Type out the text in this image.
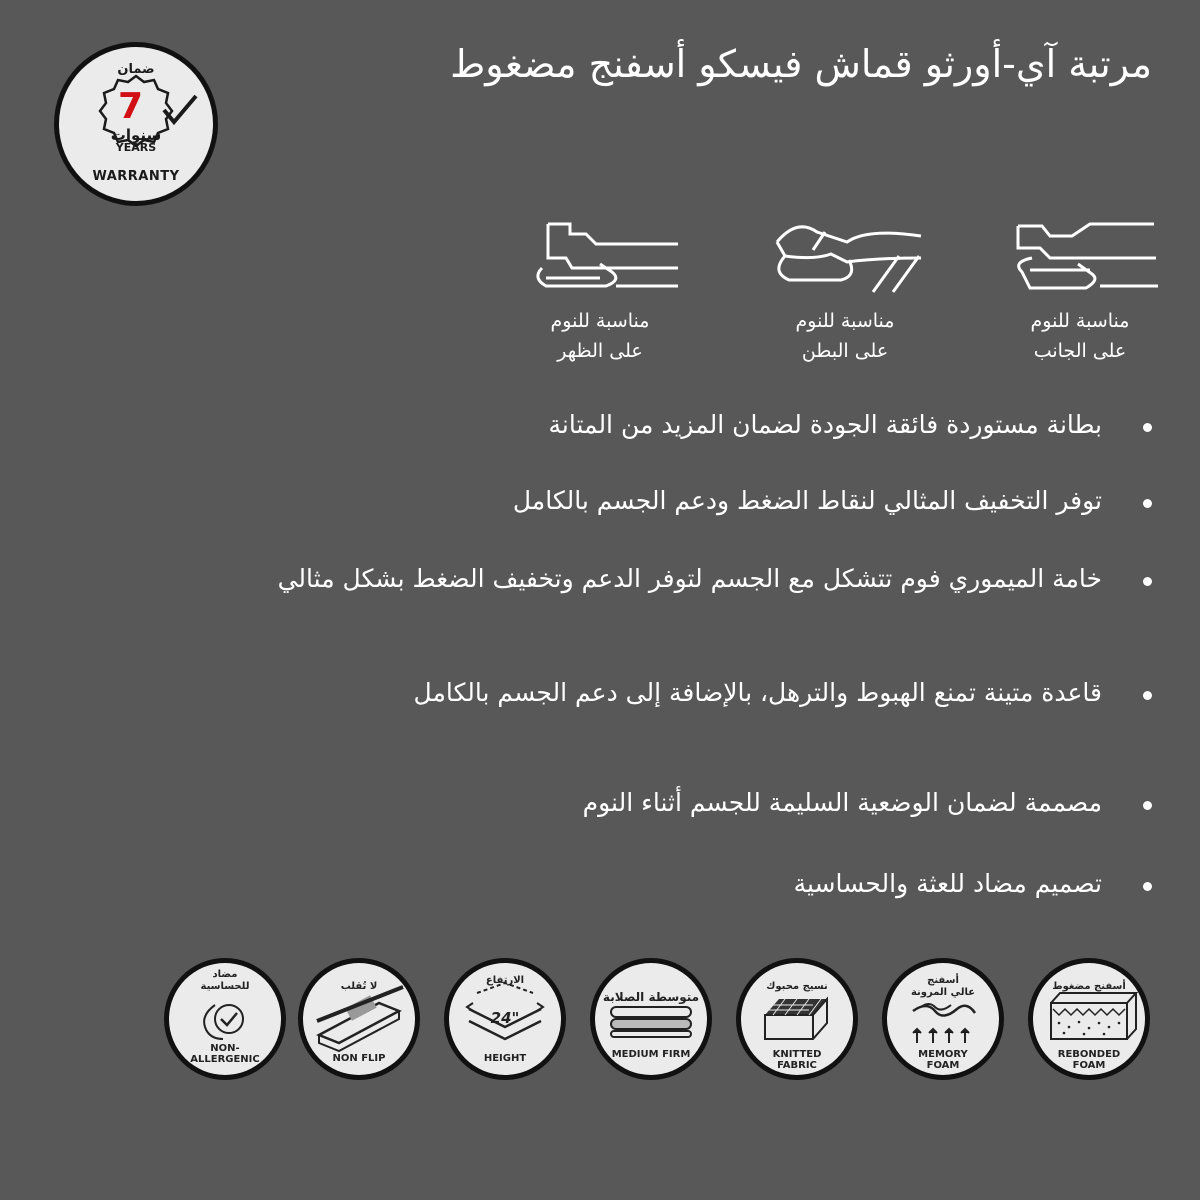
مرتبة آي-أورثو قماش فيسكو أسفنج مضغوط
ضمان
7
سنوات
YEARS
WARRANTY
مناسبة للنوم
على الجانب
مناسبة للنوم
على البطن
مناسبة للنوم
على الظهر
بطانة مستوردة فائقة الجودة لضمان المزيد من المتانة
توفر التخفيف المثالي لنقاط الضغط ودعم الجسم بالكامل
خامة الميموري فوم تتشكل مع الجسم لتوفر الدعم وتخفيف الضغط بشكل مثالي
قاعدة متينة تمنع الهبوط والترهل، بالإضافة إلى دعم الجسم بالكامل
مصممة لضمان الوضعية السليمة للجسم أثناء النوم
تصميم مضاد للعثة والحساسية
أسفنج مضغوط
REBONDED
FOAM
أسفنج
عالي المرونة
MEMORY
FOAM
نسيج محبوك
KNITTED
FABRIC
متوسطة الصلابة
MEDIUM FIRM
الارتفاع
24"
HEIGHT
لا تُقلب
NON FLIP
مضاد
للحساسية
NON-
ALLERGENIC
